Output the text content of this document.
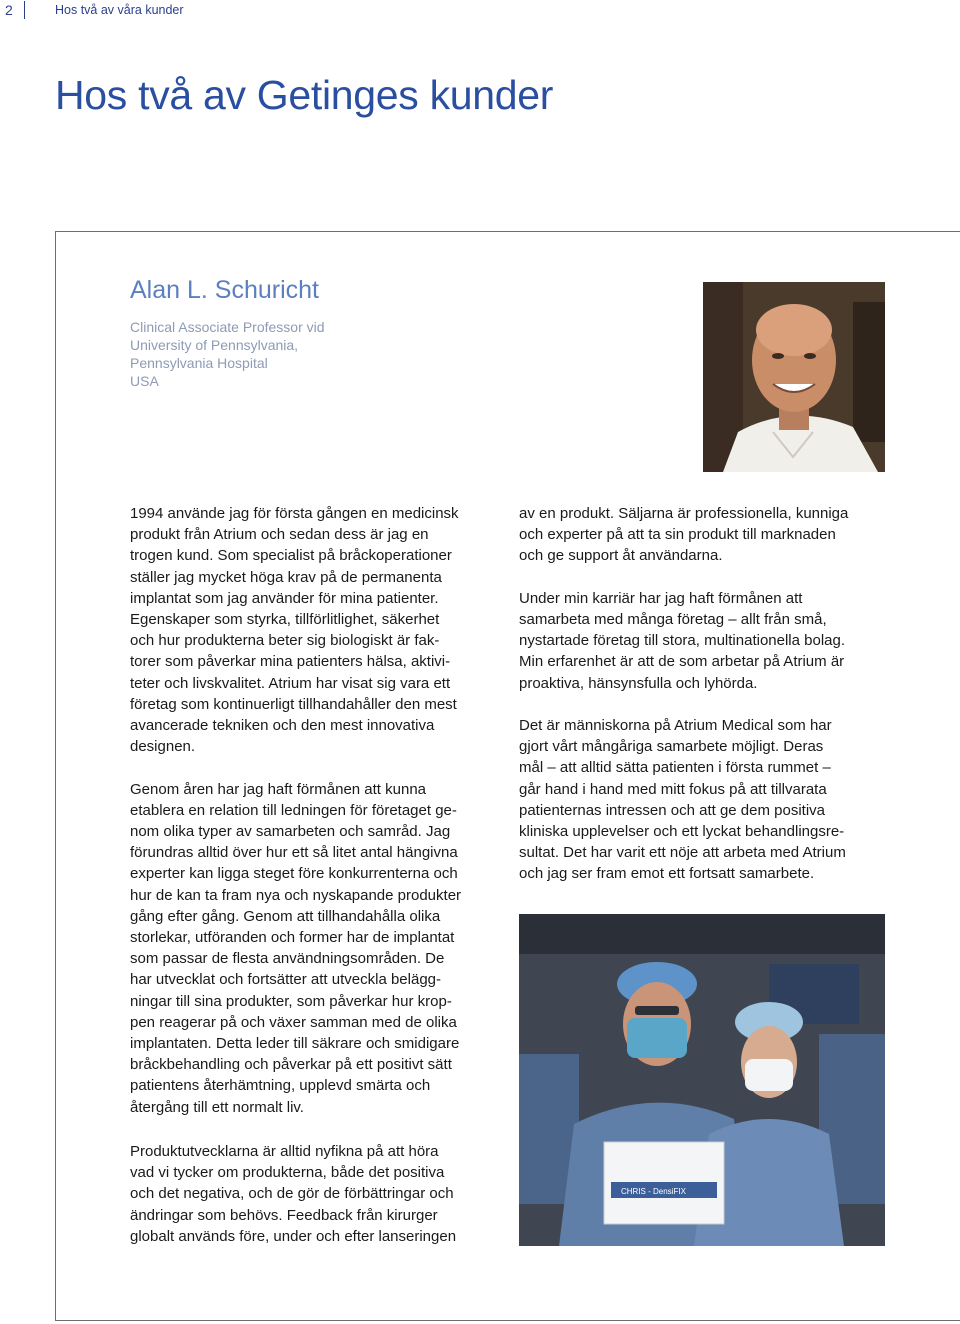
2	Hos två av våra kunder
Hos två av Getinges kunder
Alan L. Schuricht
Clinical Associate Professor vid
University of Pennsylvania,
Pennsylvania Hospital
USA

1994 använde jag för första gången en medicinsk
produkt från Atrium och sedan dess är jag en
trogen kund. Som specialist på bråckoperationer
ställer jag mycket höga krav på de permanenta
implantat som jag använder för mina patienter.
Egenskaper som styrka, tillförlitlighet, säkerhet
och hur produkterna beter sig biologiskt är fak-
torer som påverkar mina patienters hälsa, aktivi-
teter och livskvalitet. Atrium har visat sig vara ett
företag som kontinuerligt tillhandahåller den mest
avancerade tekniken och den mest innovativa
designen.

Genom åren har jag haft förmånen att kunna
etablera en relation till ledningen för företaget ge-
nom olika typer av samarbeten och samråd. Jag
förundras alltid över hur ett så litet antal hängivna
experter kan ligga steget före konkurrenterna och
hur de kan ta fram nya och nyskapande produkter
gång efter gång. Genom att tillhandahålla olika
storlekar, utföranden och former har de implantat
som passar de flesta användningsområden. De
har utvecklat och fortsätter att utveckla belägg-
ningar till sina produkter, som påverkar hur krop-
pen reagerar på och växer samman med de olika
implantaten. Detta leder till säkrare och smidigare
bråckbehandling och påverkar på ett positivt sätt
patientens återhämtning, upplevd smärta och
återgång till ett normalt liv.

Produktutvecklarna är alltid nyfikna på att höra
vad vi tycker om produkterna, både det positiva
och det negativa, och de gör de förbättringar och
ändringar som behövs. Feedback från kirurger
globalt används före, under och efter lanseringen

av en produkt. Säljarna är professionella, kunniga
och experter på att ta sin produkt till marknaden
och ge support åt användarna.

Under min karriär har jag haft förmånen att
samarbeta med många företag – allt från små,
nystartade företag till stora, multinationella bolag.
Min erfarenhet är att de som arbetar på Atrium är
proaktiva, hänsynsfulla och lyhörda.

Det är människorna på Atrium Medical som har
gjort vårt mångåriga samarbete möjligt. Deras
mål – att alltid sätta patienten i första rummet –
går hand i hand med mitt fokus på att tillvarata
patienternas intressen och att ge dem positiva
kliniska upplevelser och ett lyckat behandlingsre-
sultat. Det har varit ett nöje att arbeta med Atrium
och jag ser fram emot ett fortsatt samarbete.

CHRIS - DensiFIX
